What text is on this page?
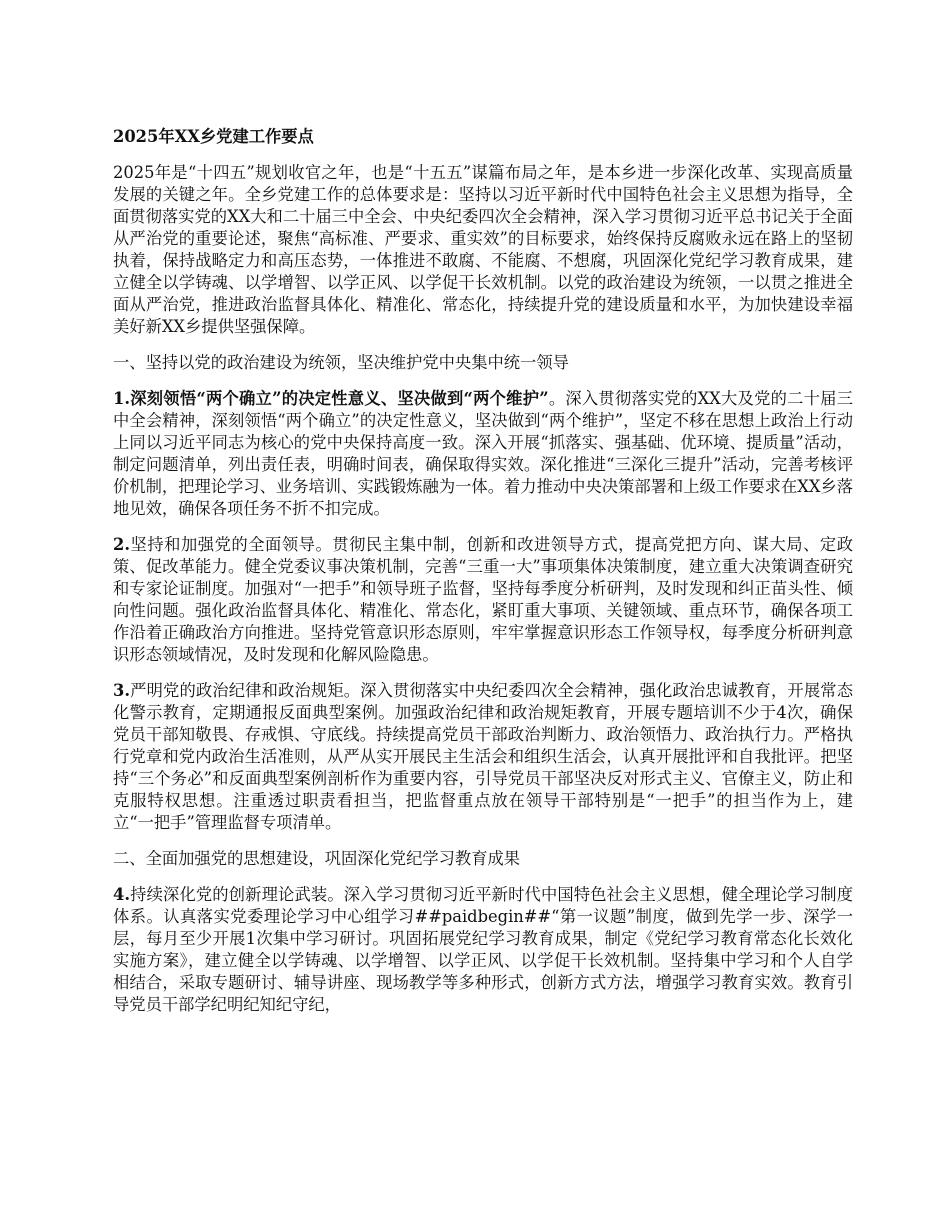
2025年XX乡党建工作要点

2025年是“十四五”规划收官之年，也是“十五五”谋篇布局之年，是本乡进一步深化改革、实现高质量发展的关键之年。全乡党建工作的总体要求是：坚持以习近平新时代中国特色社会主义思想为指导，全面贯彻落实党的XX大和二十届三中全会、中央纪委四次全会精神，深入学习贯彻习近平总书记关于全面从严治党的重要论述，聚焦“高标准、严要求、重实效”的目标要求，始终保持反腐败永远在路上的坚韧执着，保持战略定力和高压态势，一体推进不敢腐、不能腐、不想腐，巩固深化党纪学习教育成果，建立健全以学铸魂、以学增智、以学正风、以学促干长效机制。以党的政治建设为统领，一以贯之推进全面从严治党，推进政治监督具体化、精准化、常态化，持续提升党的建设质量和水平，为加快建设幸福美好新XX乡提供坚强保障。

一、坚持以党的政治建设为统领，坚决维护党中央集中统一领导

1.深刻领悟“两个确立”的决定性意义、坚决做到“两个维护”。深入贯彻落实党的XX大及党的二十届三中全会精神，深刻领悟“两个确立”的决定性意义，坚决做到“两个维护”，坚定不移在思想上政治上行动上同以习近平同志为核心的党中央保持高度一致。深入开展“抓落实、强基础、优环境、提质量”活动，制定问题清单，列出责任表，明确时间表，确保取得实效。深化推进“三深化三提升”活动，完善考核评价机制，把理论学习、业务培训、实践锻炼融为一体。着力推动中央决策部署和上级工作要求在XX乡落地见效，确保各项任务不折不扣完成。

2.坚持和加强党的全面领导。贯彻民主集中制，创新和改进领导方式，提高党把方向、谋大局、定政策、促改革能力。健全党委议事决策机制，完善“三重一大”事项集体决策制度，建立重大决策调查研究和专家论证制度。加强对“一把手”和领导班子监督，坚持每季度分析研判，及时发现和纠正苗头性、倾向性问题。强化政治监督具体化、精准化、常态化，紧盯重大事项、关键领域、重点环节，确保各项工作沿着正确政治方向推进。坚持党管意识形态原则，牢牢掌握意识形态工作领导权，每季度分析研判意识形态领域情况，及时发现和化解风险隐患。

3.严明党的政治纪律和政治规矩。深入贯彻落实中央纪委四次全会精神，强化政治忠诚教育，开展常态化警示教育，定期通报反面典型案例。加强政治纪律和政治规矩教育，开展专题培训不少于4次，确保党员干部知敬畏、存戒惧、守底线。持续提高党员干部政治判断力、政治领悟力、政治执行力。严格执行党章和党内政治生活准则，从严从实开展民主生活会和组织生活会，认真开展批评和自我批评。把坚持“三个务必”和反面典型案例剖析作为重要内容，引导党员干部坚决反对形式主义、官僚主义，防止和克服特权思想。注重透过职责看担当，把监督重点放在领导干部特别是“一把手”的担当作为上，建立“一把手”管理监督专项清单。

二、全面加强党的思想建设，巩固深化党纪学习教育成果

4.持续深化党的创新理论武装。深入学习贯彻习近平新时代中国特色社会主义思想，健全理论学习制度体系。认真落实党委理论学习中心组学习##paidbegin##“第一议题”制度，做到先学一步、深学一层，每月至少开展1次集中学习研讨。巩固拓展党纪学习教育成果，制定《党纪学习教育常态化长效化实施方案》，建立健全以学铸魂、以学增智、以学正风、以学促干长效机制。坚持集中学习和个人自学相结合，采取专题研讨、辅导讲座、现场教学等多种形式，创新方式方法，增强学习教育实效。教育引导党员干部学纪明纪知纪守纪，
